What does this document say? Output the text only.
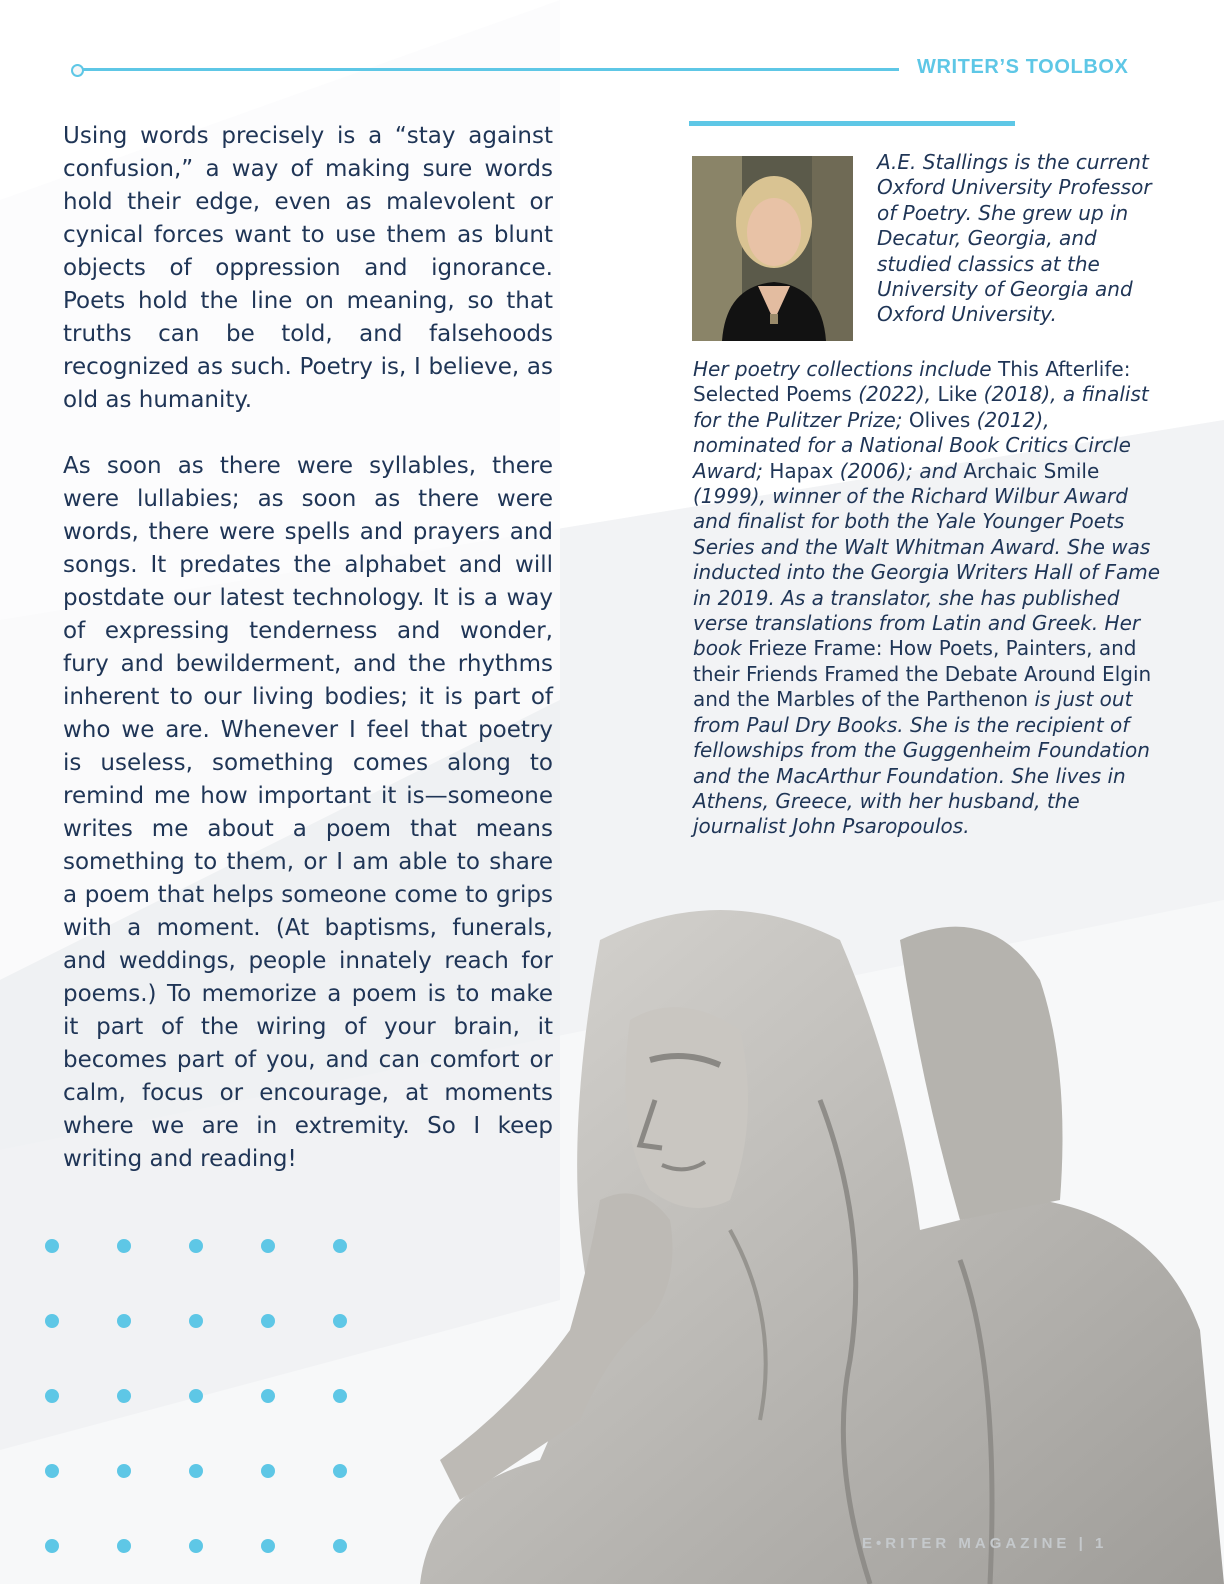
WRITER’S TOOLBOX

Using words precisely is a “stay against confusion,” a way of making sure words hold their edge, even as malevolent or cynical forces want to use them as blunt objects of oppression and ignorance. Poets hold the line on meaning, so that truths can be told, and falsehoods recognized as such. Poetry is, I believe, as old as humanity.

As soon as there were syllables, there were lullabies; as soon as there were words, there were spells and prayers and songs. It predates the alphabet and will postdate our latest technology. It is a way of expressing tenderness and wonder, fury and bewilderment, and the rhythms inherent to our living bodies; it is part of who we are. Whenever I feel that poetry is useless, something comes along to remind me how important it is—someone writes me about a poem that means something to them, or I am able to share a poem that helps someone come to grips with a moment. (At baptisms, funerals, and weddings, people innately reach for poems.) To memorize a poem is to make it part of the wiring of your brain, it becomes part of you, and can comfort or calm, focus or encourage, at moments where we are in extremity. So I keep writing and reading!

A.E. Stallings is the current Oxford University Professor of Poetry. She grew up in Decatur, Georgia, and studied classics at the University of Georgia and Oxford University.
Her poetry collections include This Afterlife: Selected Poems (2022), Like (2018), a finalist for the Pulitzer Prize; Olives (2012), nominated for a National Book Critics Circle Award; Hapax (2006); and Archaic Smile (1999), winner of the Richard Wilbur Award and finalist for both the Yale Younger Poets Series and the Walt Whitman Award. She was inducted into the Georgia Writers Hall of Fame in 2019. As a translator, she has published verse translations from Latin and Greek. Her book Frieze Frame: How Poets, Painters, and their Friends Framed the Debate Around Elgin and the Marbles of the Parthenon is just out from Paul Dry Books. She is the recipient of fellowships from the Guggenheim Foundation and the MacArthur Foundation. She lives in Athens, Greece, with her husband, the journalist John Psaropoulos.
E•RITER MAGAZINE | 1
